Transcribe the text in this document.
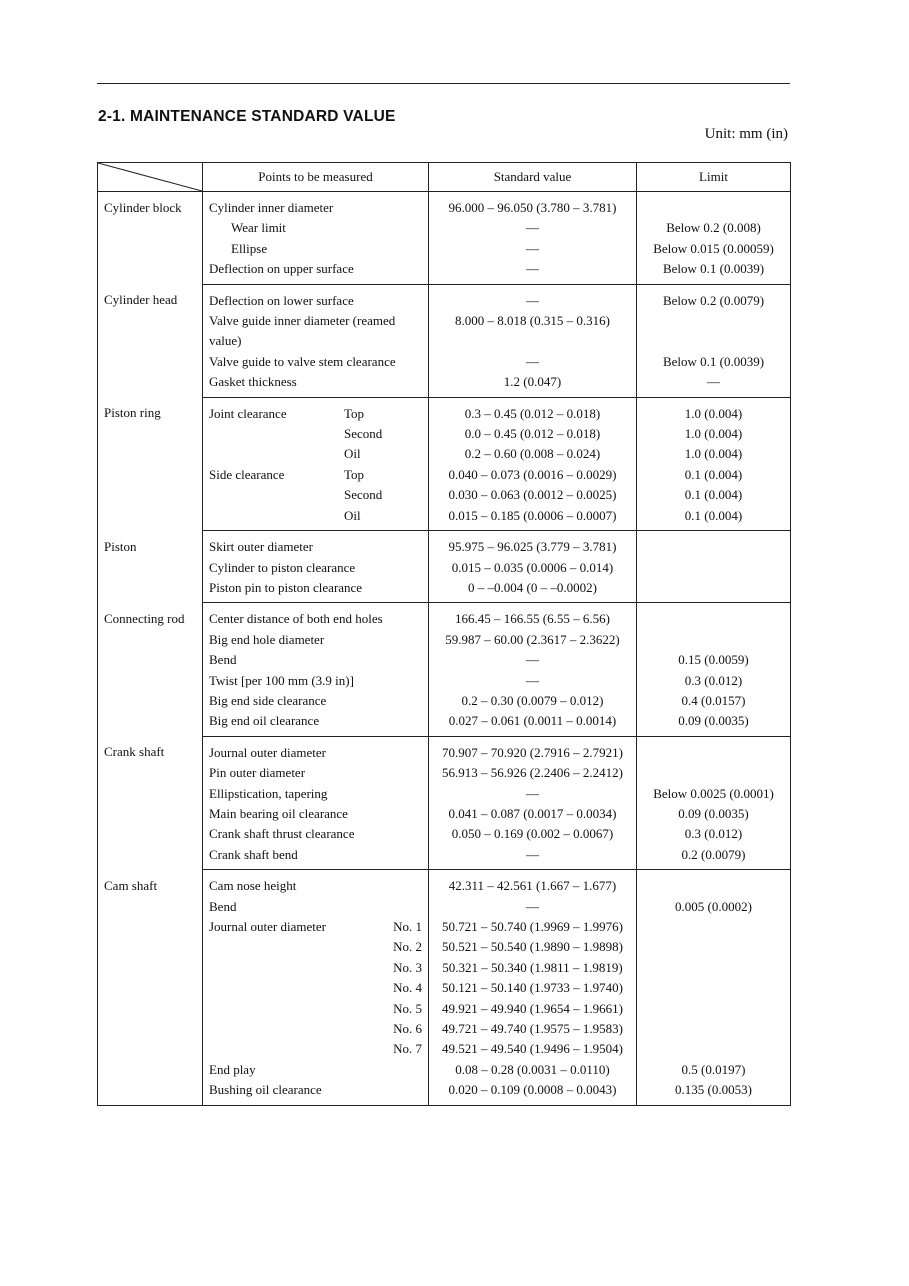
2-1. MAINTENANCE STANDARD VALUE
Unit: mm (in)
	Points to be measured	Standard value	Limit
Cylinder block	Cylinder inner diameter	96.000 – 96.050 (3.780 – 3.781)	
	Wear limit	—	Below 0.2 (0.008)
	Ellipse	—	Below 0.015 (0.00059)
	Deflection on upper surface	—	Below 0.1 (0.0039)
Cylinder head	Deflection on lower surface	—	Below 0.2 (0.0079)
	Valve guide inner diameter (reamed value)	8.000 – 8.018 (0.315 – 0.316)	
	Valve guide to valve stem clearance	—	Below 0.1 (0.0039)
	Gasket thickness	1.2 (0.047)	—
Piston ring	Joint clearance Top	0.3 – 0.45 (0.012 – 0.018)	1.0 (0.004)

	Second	0.0 – 0.45 (0.012 – 0.018)	1.0 (0.004)

	Oil	0.2 – 0.60 (0.008 – 0.024)	1.0 (0.004)

	Side clearance Top	0.040 – 0.073 (0.0016 – 0.0029)	0.1 (0.004)

	Second	0.030 – 0.063 (0.0012 – 0.0025)	0.1 (0.004)

	Oil	0.015 – 0.185 (0.0006 – 0.0007)	0.1 (0.004)
Piston	Skirt outer diameter	95.975 – 96.025 (3.779 – 3.781)	
	Cylinder to piston clearance	0.015 – 0.035 (0.0006 – 0.014)	
	Piston pin to piston clearance	0 – –0.004 (0 – –0.0002)	
Connecting rod	Center distance of both end holes	166.45 – 166.55 (6.55 – 6.56)	
	Big end hole diameter	59.987 – 60.00 (2.3617 – 2.3622)	
	Bend	—	0.15 (0.0059)
	Twist [per 100 mm (3.9 in)]	—	0.3 (0.012)
	Big end side clearance	0.2 – 0.30 (0.0079 – 0.012)	0.4 (0.0157)
	Big end oil clearance	0.027 – 0.061 (0.0011 – 0.0014)	0.09 (0.0035)
Crank shaft	Journal outer diameter	70.907 – 70.920 (2.7916 – 2.7921)	
	Pin outer diameter	56.913 – 56.926 (2.2406 – 2.2412)	
	Ellipstication, tapering	—	Below 0.0025 (0.0001)
	Main bearing oil clearance	0.041 – 0.087 (0.0017 – 0.0034)	0.09 (0.0035)
	Crank shaft thrust clearance	0.050 – 0.169 (0.002 – 0.0067)	0.3 (0.012)
	Crank shaft bend	—	0.2 (0.0079)
Cam shaft	Cam nose height	42.311 – 42.561 (1.667 – 1.677)	
	Bend	—	0.005 (0.0002)

	Journal outer diameter No. 1	50.721 – 50.740 (1.9969 – 1.9976)	

	No. 2	50.521 – 50.540 (1.9890 – 1.9898)	

	No. 3	50.321 – 50.340 (1.9811 – 1.9819)	

	No. 4	50.121 – 50.140 (1.9733 – 1.9740)	

	No. 5	49.921 – 49.940 (1.9654 – 1.9661)	

	No. 6	49.721 – 49.740 (1.9575 – 1.9583)	

	No. 7	49.521 – 49.540 (1.9496 – 1.9504)	
	End play	0.08 – 0.28 (0.0031 – 0.0110)	0.5 (0.0197)
	Bushing oil clearance	0.020 – 0.109 (0.0008 – 0.0043)	0.135 (0.0053)
